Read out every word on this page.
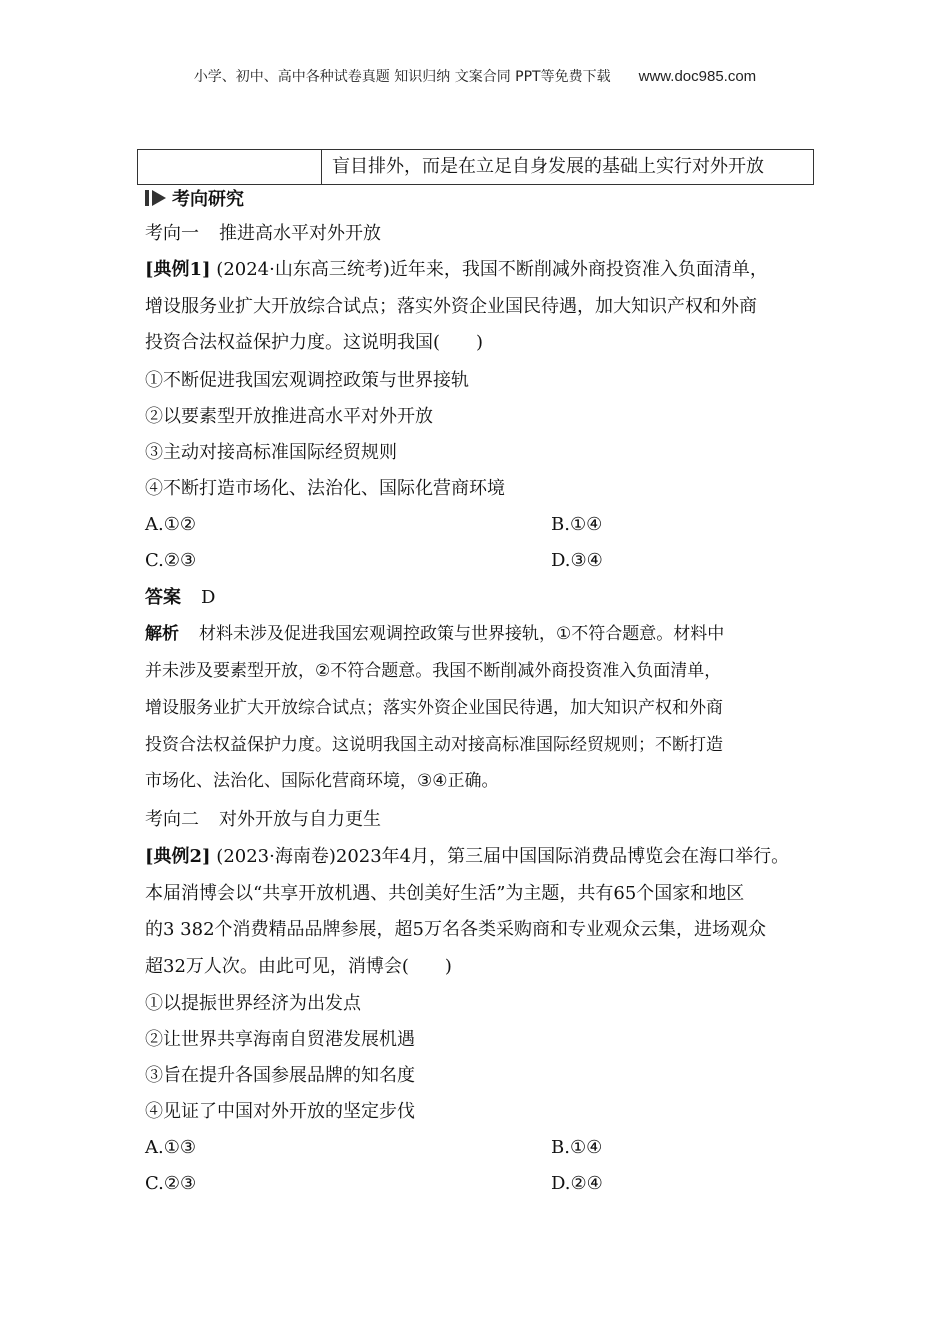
小学、初中、高中各种试卷真题 知识归纳 文案合同 PPT等免费下载 www.doc985.com
盲目排外，而是在立足自身发展的基础上实行对外开放
考向研究
考向一 推进高水平对外开放
[典例1] (2024·山东高三统考)近年来，我国不断削减外商投资准入负面清单，
增设服务业扩大开放综合试点；落实外资企业国民待遇，加大知识产权和外商
投资合法权益保护力度。这说明我国(　　)
①不断促进我国宏观调控政策与世界接轨
②以要素型开放推进高水平对外开放
③主动对接高标准国际经贸规则
④不断打造市场化、法治化、国际化营商环境
A.①②	B.①④
C.②③	D.③④
答案 D
解析 材料未涉及促进我国宏观调控政策与世界接轨，①不符合题意。材料中
并未涉及要素型开放，②不符合题意。我国不断削减外商投资准入负面清单，
增设服务业扩大开放综合试点；落实外资企业国民待遇，加大知识产权和外商
投资合法权益保护力度。这说明我国主动对接高标准国际经贸规则；不断打造
市场化、法治化、国际化营商环境，③④正确。
考向二 对外开放与自力更生
[典例2] (2023·海南卷)2023年4月，第三届中国国际消费品博览会在海口举行。
本届消博会以“共享开放机遇、共创美好生活”为主题，共有65个国家和地区
的3 382个消费精品品牌参展，超5万名各类采购商和专业观众云集，进场观众
超32万人次。由此可见，消博会(　　)
①以提振世界经济为出发点
②让世界共享海南自贸港发展机遇
③旨在提升各国参展品牌的知名度
④见证了中国对外开放的坚定步伐
A.①③	B.①④
C.②③	D.②④
